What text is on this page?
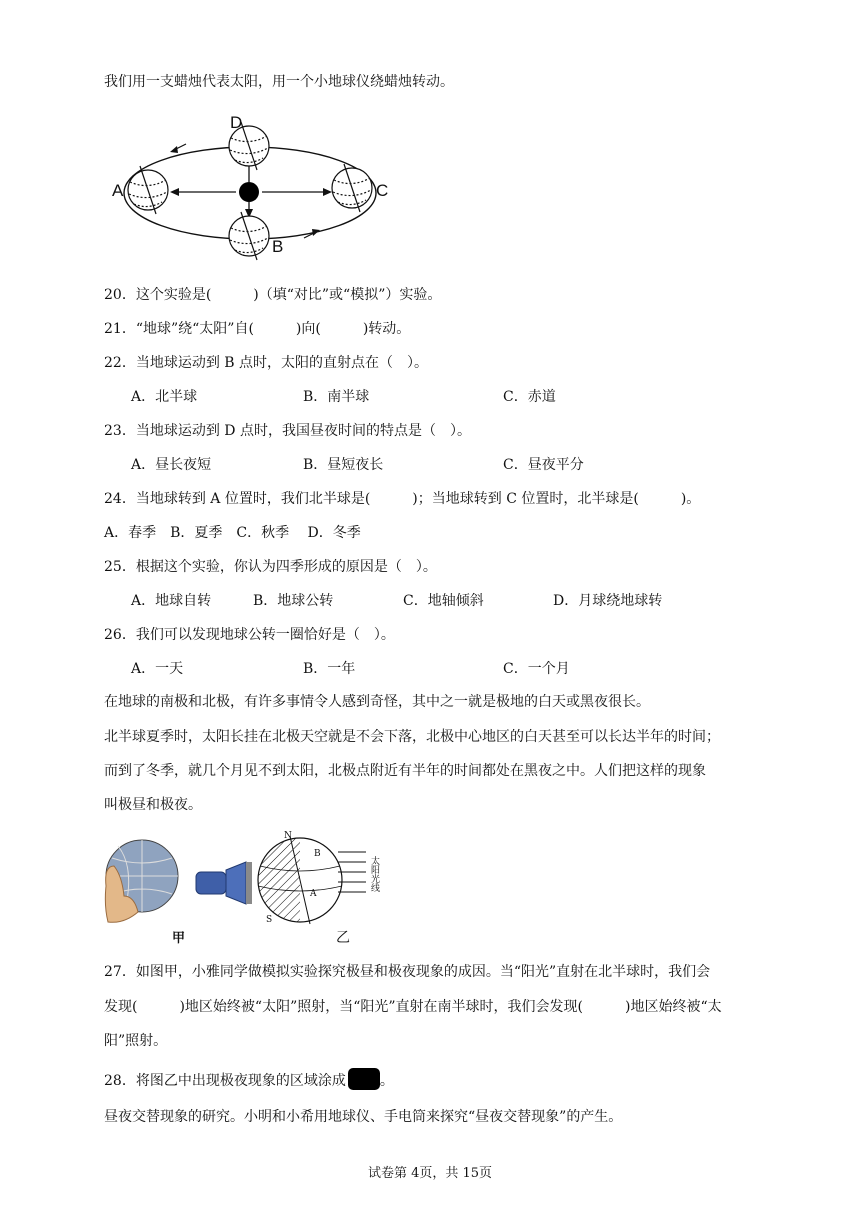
我们用一支蜡烛代表太阳，用一个小地球仪绕蜡烛转动。
A	C
D
B
20．这个实验是(　　　)（填“对比”或“模拟”）实验。
21．“地球”绕“太阳”自(　　　)向(　　　)转动。
22．当地球运动到 B 点时，太阳的直射点在（　）。
A．北半球	B．南半球	C．赤道
23．当地球运动到 D 点时，我国昼夜时间的特点是（　）。
A．昼长夜短	B．昼短夜长	C．昼夜平分
24．当地球转到 A 位置时，我们北半球是(　　　)；当地球转到 C 位置时，北半球是(　　　)。
A．春季　B．夏季　C．秋季　 D．冬季
25．根据这个实验，你认为四季形成的原因是（　）。
A．地球自转	B．地球公转	C．地轴倾斜	D．月球绕地球转
26．我们可以发现地球公转一圈恰好是（　）。
A．一天	B．一年	C．一个月
在地球的南极和北极，有许多事情令人感到奇怪，其中之一就是极地的白天或黑夜很长。
北半球夏季时，太阳长挂在北极天空就是不会下落，北极中心地区的白天甚至可以长达半年的时间；
而到了冬季，就几个月见不到太阳，北极点附近有半年的时间都处在黑夜之中。人们把这样的现象
叫极昼和极夜。
N
S
B
A
太阳光线
甲	乙
27．如图甲，小雅同学做模拟实验探究极昼和极夜现象的成因。当“阳光”直射在北半球时，我们会
发现(　　　)地区始终被“太阳”照射，当“阳光”直射在南半球时，我们会发现(　　　)地区始终被“太
阳”照射。
28．将图乙中出现极夜现象的区域涂成 。
昼夜交替现象的研究。小明和小希用地球仪、手电筒来探究“昼夜交替现象”的产生。
试卷第 4页，共 15页
